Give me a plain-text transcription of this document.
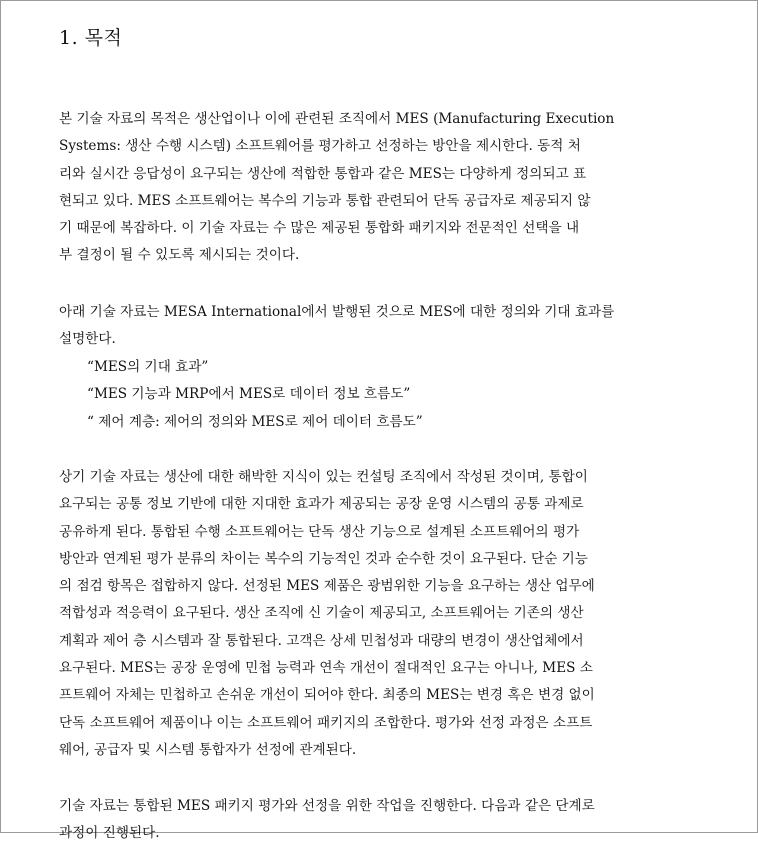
1. 목적
본 기술 자료의 목적은 생산업이나 이에 관련된 조직에서 MES (Manufacturing Execution
Systems: 생산 수행 시스템) 소프트웨어를 평가하고 선정하는 방안을 제시한다. 동적 처
리와 실시간 응답성이 요구되는 생산에 적합한 통합과 같은 MES는 다양하게 정의되고 표
현되고 있다. MES 소프트웨어는 복수의 기능과 통합 관련되어 단독 공급자로 제공되지 않
기 때문에 복잡하다. 이 기술 자료는 수 많은 제공된 통합화 패키지와 전문적인 선택을 내
부 결정이 될 수 있도록 제시되는 것이다.
아래 기술 자료는 MESA International에서 발행된 것으로 MES에 대한 정의와 기대 효과를
설명한다.
“MES의 기대 효과”
“MES 기능과 MRP에서 MES로 데이터 정보 흐름도”
“ 제어 계층: 제어의 정의와 MES로 제어 데이터 흐름도”
상기 기술 자료는 생산에 대한 해박한 지식이 있는 컨설팅 조직에서 작성된 것이며, 통합이
요구되는 공통 정보 기반에 대한 지대한 효과가 제공되는 공장 운영 시스템의 공통 과제로
공유하게 된다. 통합된 수행 소프트웨어는 단독 생산 기능으로 설계된 소프트웨어의 평가
방안과 연계된 평가 분류의 차이는 복수의 기능적인 것과 순수한 것이 요구된다. 단순 기능
의 점검 항목은 접합하지 않다. 선정된 MES 제품은 광범위한 기능을 요구하는 생산 업무에
적합성과 적응력이 요구된다. 생산 조직에 신 기술이 제공되고, 소프트웨어는 기존의 생산
계획과 제어 층 시스템과 잘 통합된다. 고객은 상세 민첩성과 대량의 변경이 생산업체에서
요구된다. MES는 공장 운영에 민첩 능력과 연속 개선이 절대적인 요구는 아니나, MES 소
프트웨어 자체는 민첩하고 손쉬운 개선이 되어야 한다. 최종의 MES는 변경 혹은 변경 없이
단독 소프트웨어 제품이나 이는 소프트웨어 패키지의 조합한다. 평가와 선정 과정은 소프트
웨어, 공급자 및 시스템 통합자가 선정에 관계된다.
기술 자료는 통합된 MES 패키지 평가와 선정을 위한 작업을 진행한다. 다음과 같은 단계로
과정이 진행된다.
